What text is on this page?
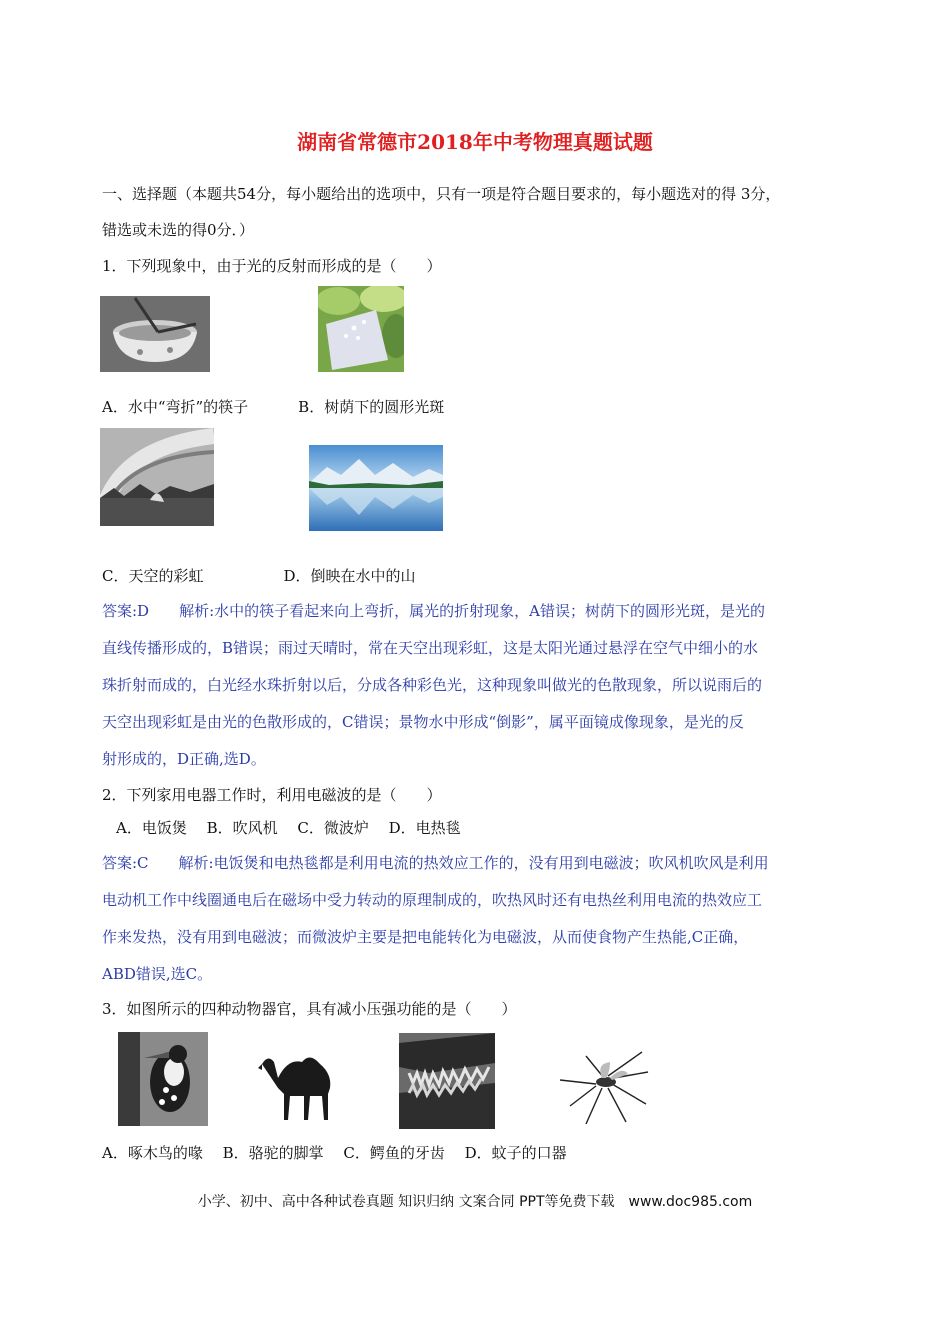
湖南省常德市2018年中考物理真题试题
一、选择题（本题共54分，每小题给出的选项中，只有一项是符合题目要求的，每小题选对的得 3分，
错选或未选的得0分．）
1．下列现象中，由于光的反射而形成的是（　　）
A．水中“弯折”的筷子	B．树荫下的圆形光斑
C．天空的彩虹	D．倒映在水中的山
答案:D　　解析:水中的筷子看起来向上弯折，属光的折射现象，A错误；树荫下的圆形光斑，是光的
直线传播形成的，B错误；雨过天晴时，常在天空出现彩虹，这是太阳光通过悬浮在空气中细小的水
珠折射而成的，白光经水珠折射以后，分成各种彩色光，这种现象叫做光的色散现象，所以说雨后的
天空出现彩虹是由光的色散形成的，C错误；景物水中形成“倒影”，属平面镜成像现象，是光的反
射形成的，D正确,选D。
2．下列家用电器工作时，利用电磁波的是（　　）
A．电饭煲　 B．吹风机　 C．微波炉　 D．电热毯
答案:C　　解析:电饭煲和电热毯都是利用电流的热效应工作的，没有用到电磁波；吹风机吹风是利用
电动机工作中线圈通电后在磁场中受力转动的原理制成的，吹热风时还有电热丝利用电流的热效应工
作来发热，没有用到电磁波；而微波炉主要是把电能转化为电磁波，从而使食物产生热能,C正确，
ABD错误,选C。
3．如图所示的四种动物器官，具有减小压强功能的是（　　）
A．啄木鸟的喙　 B．骆驼的脚掌　 C．鳄鱼的牙齿　 D．蚊子的口器
小学、初中、高中各种试卷真题 知识归纳 文案合同 PPT等免费下载　www.doc985.com
